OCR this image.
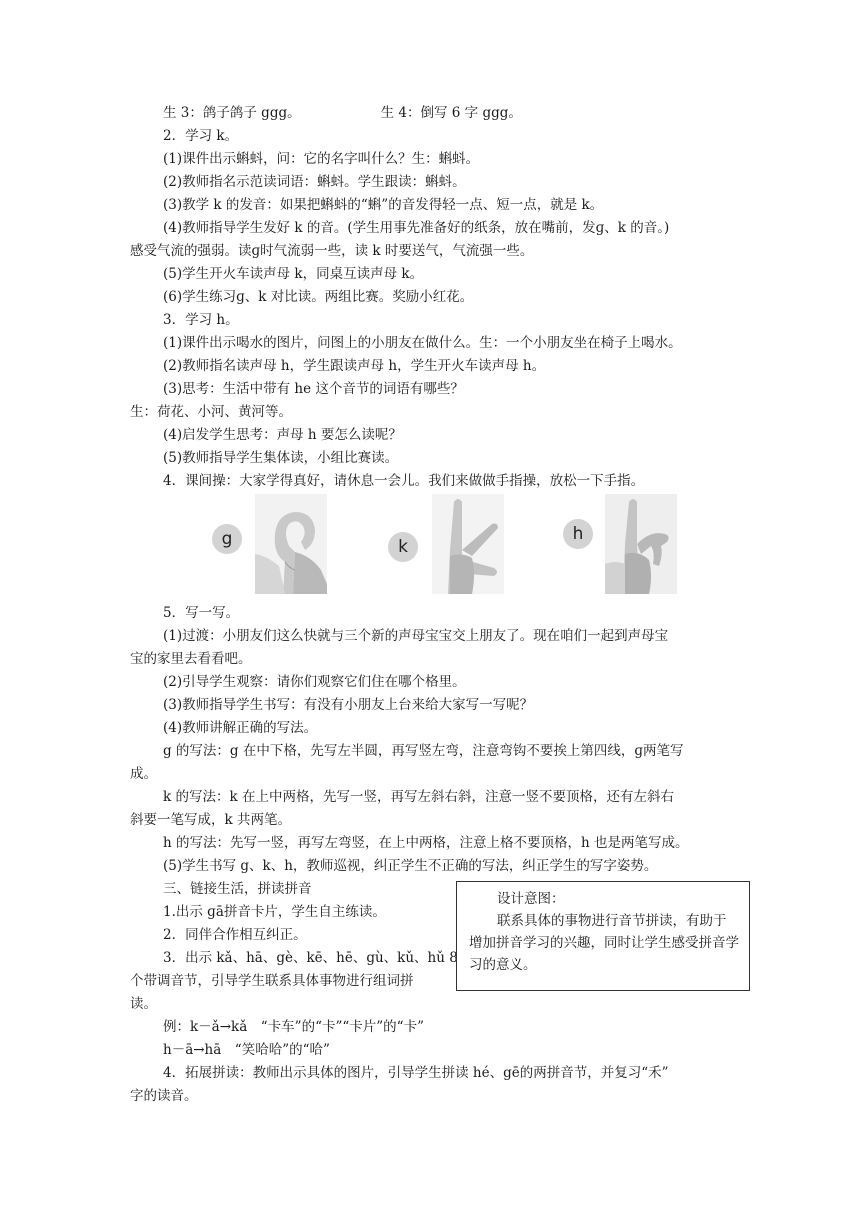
生 3：鸽子鸽子 ggg。	生 4：倒写 6 字 ggg。
2．学习 k。
(1)课件出示蝌蚪，问：它的名字叫什么？生：蝌蚪。
(2)教师指名示范读词语：蝌蚪。学生跟读：蝌蚪。
(3)教学 k 的发音：如果把蝌蚪的“蝌”的音发得轻一点、短一点，就是 k。
(4)教师指导学生发好 k 的音。(学生用事先准备好的纸条，放在嘴前，发ɡ、k 的音。)
感受气流的强弱。读ɡ时气流弱一些，读 k 时要送气，气流强一些。
(5)学生开火车读声母 k，同桌互读声母 k。
(6)学生练习ɡ、k 对比读。两组比赛。奖励小红花。
3．学习 h。
(1)课件出示喝水的图片，问图上的小朋友在做什么。生：一个小朋友坐在椅子上喝水。
(2)教师指名读声母 h，学生跟读声母 h，学生开火车读声母 h。
(3)思考：生活中带有 he 这个音节的词语有哪些？
生：荷花、小河、黄河等。
(4)启发学生思考：声母 h 要怎么读呢？
(5)教师指导学生集体读，小组比赛读。
4．课间操：大家学得真好，请休息一会儿。我们来做做手指操，放松一下手指。
g	k
h
5．写一写。
(1)过渡：小朋友们这么快就与三个新的声母宝宝交上朋友了。现在咱们一起到声母宝
宝的家里去看看吧。
(2)引导学生观察：请你们观察它们住在哪个格里。
(3)教师指导学生书写：有没有小朋友上台来给大家写一写呢？
(4)教师讲解正确的写法。
g 的写法：g 在中下格，先写左半圆，再写竖左弯，注意弯钩不要挨上第四线，ɡ两笔写
成。
k 的写法：k 在上中两格，先写一竖，再写左斜右斜，注意一竖不要顶格，还有左斜右
斜要一笔写成，k 共两笔。
h 的写法：先写一竖，再写左弯竖，在上中两格，注意上格不要顶格，h 也是两笔写成。
(5)学生书写 g、k、h，教师巡视，纠正学生不正确的写法，纠正学生的写字姿势。
三、链接生活，拼读拼音
1.出示 ɡā拼音卡片，学生自主练读。
2．同伴合作相互纠正。
3．出示 kǎ、hā、gè、kē、hē、gù、kǔ、hǔ 8
个带调音节，引导学生联系具体事物进行组词拼
读。
例：k－ǎ→kǎ　“卡车”的“卡”“卡片”的“卡”
h－ā→hā　“笑哈哈”的“哈”
4．拓展拼读：教师出示具体的图片，引导学生拼读 hé、gē的两拼音节，并复习“禾”
字的读音。
设计意图：
联系具体的事物进行音节拼读，有助于增加拼音学习的兴趣，同时让学生感受拼音学习的意义。
